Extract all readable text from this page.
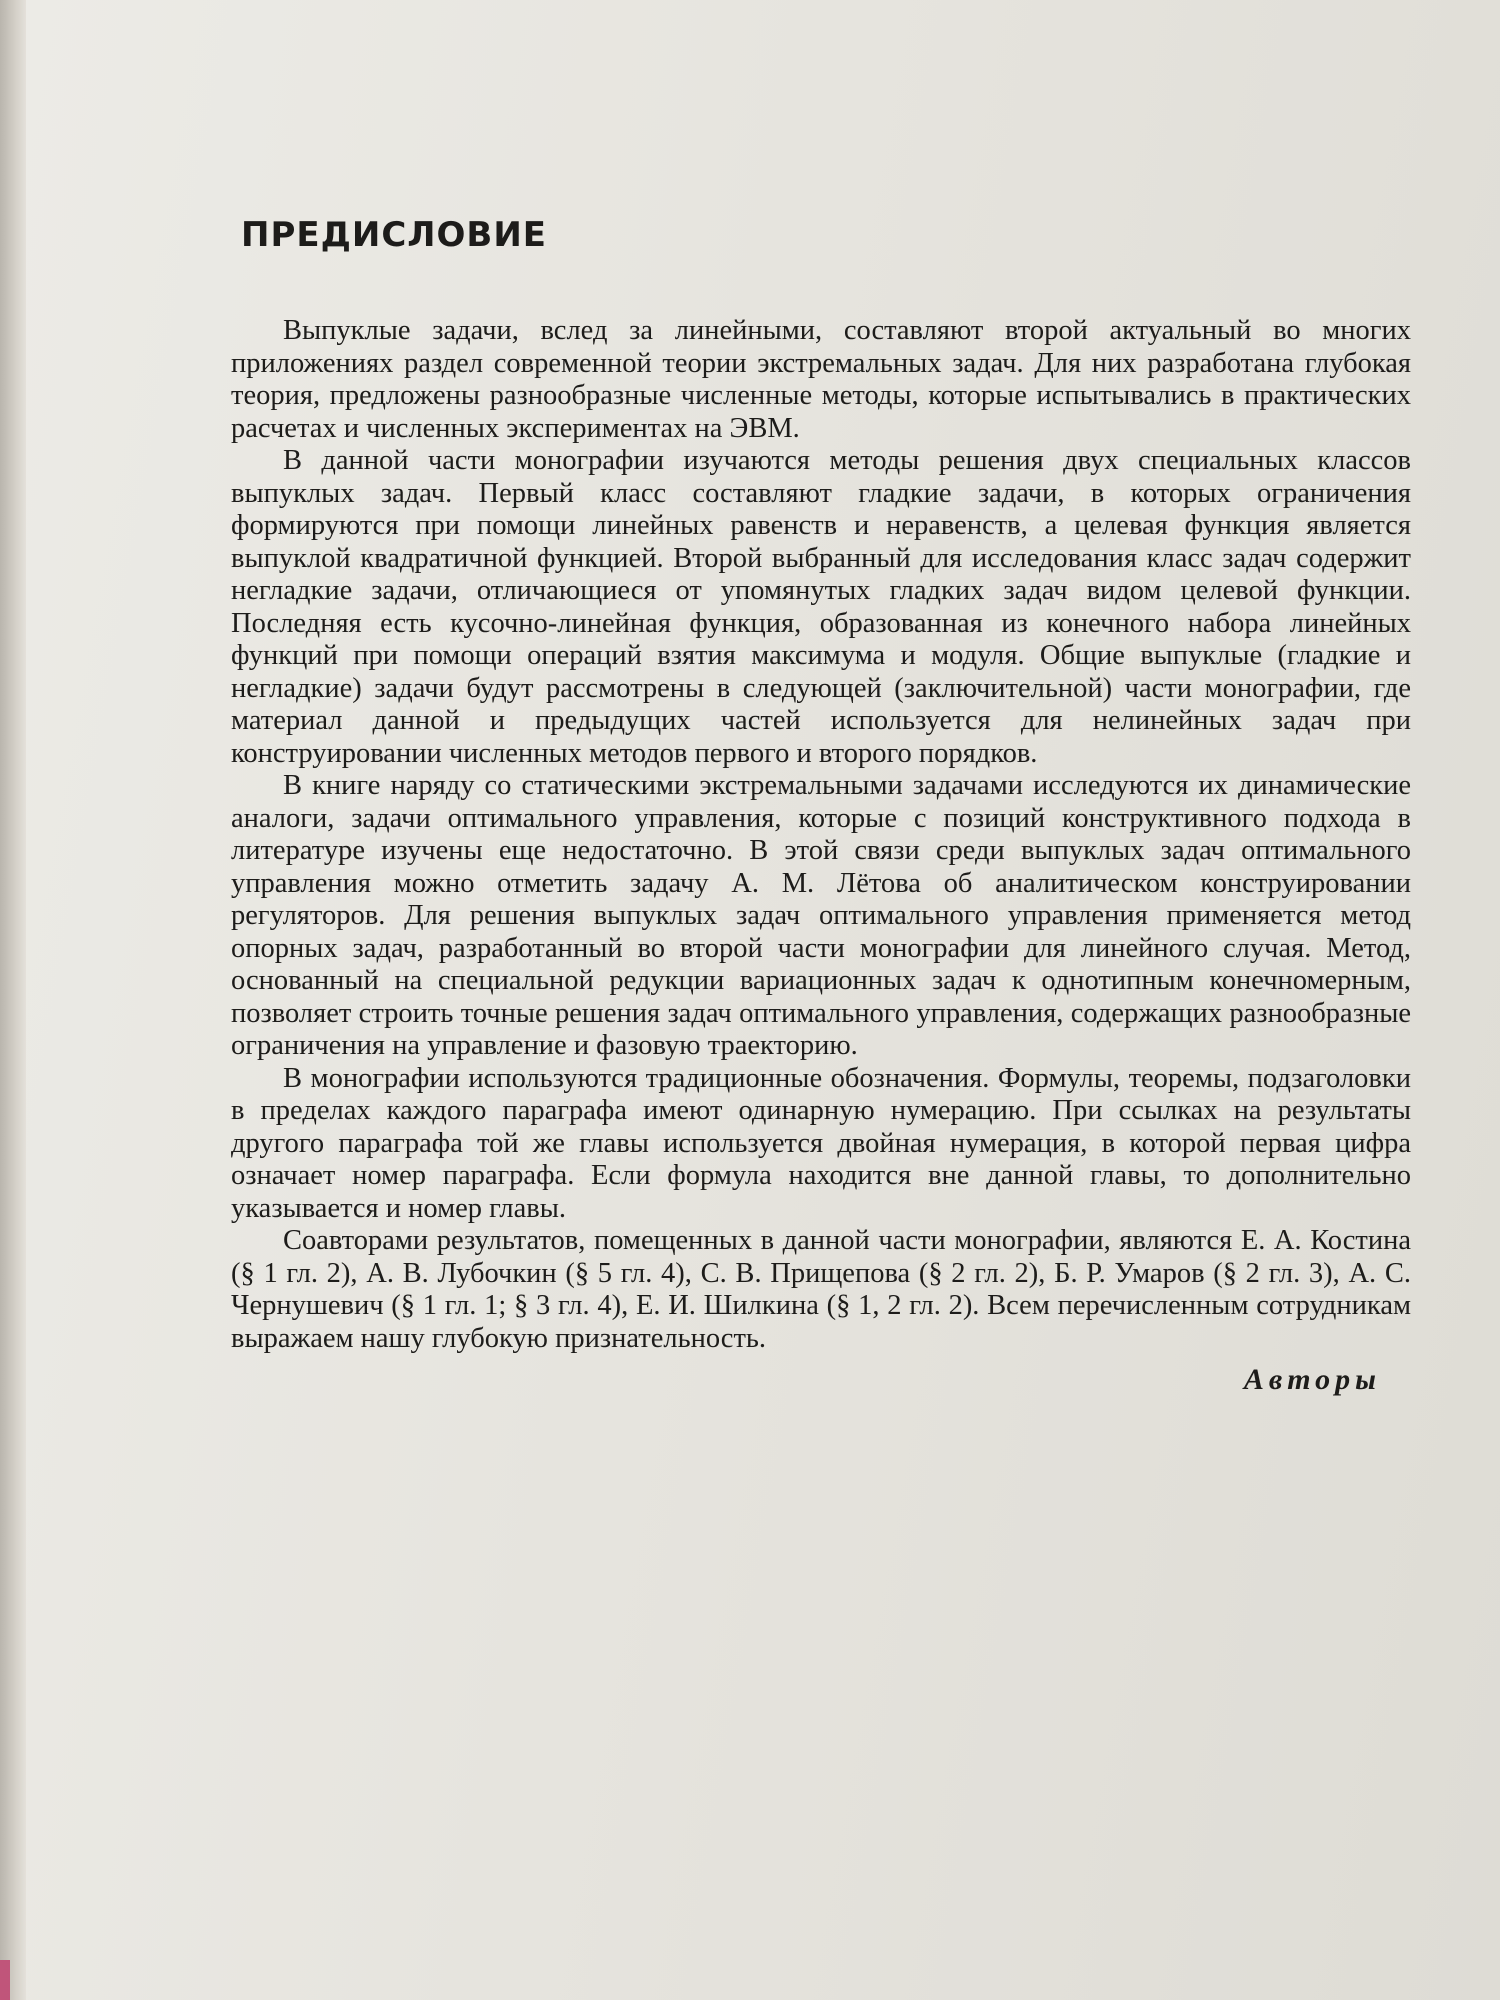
ПРЕДИСЛОВИЕ

Выпуклые задачи, вслед за линейными, составляют второй актуальный во многих приложениях раздел современной теории экстремальных задач. Для них разработана глубокая теория, предложены разнообразные численные методы, которые испытывались в практических расчетах и численных экспериментах на ЭВМ.

В данной части монографии изучаются методы решения двух специальных классов выпуклых задач. Первый класс составляют гладкие задачи, в которых ограничения формируются при помощи линейных равенств и неравенств, а целевая функция является выпуклой квадратичной функцией. Второй выбранный для исследования класс задач содержит негладкие задачи, отличающиеся от упомянутых гладких задач видом целевой функции. Последняя есть кусочно-линейная функция, образованная из конечного набора линейных функций при помощи операций взятия максимума и модуля. Общие выпуклые (гладкие и негладкие) задачи будут рассмотрены в следующей (заключительной) части монографии, где материал данной и предыдущих частей используется для нелинейных задач при конструировании численных методов первого и второго порядков.

В книге наряду со статическими экстремальными задачами исследуются их динамические аналоги, задачи оптимального управления, которые с позиций конструктивного подхода в литературе изучены еще недостаточно. В этой связи среди выпуклых задач оптимального управления можно отметить задачу А. М. Лётова об аналитическом конструировании регуляторов. Для решения выпуклых задач оптимального управления применяется метод опорных задач, разработанный во второй части монографии для линейного случая. Метод, основанный на специальной редукции вариационных задач к однотипным конечномерным, позволяет строить точные решения задач оптимального управления, содержащих разнообразные ограничения на управление и фазовую траекторию.

В монографии используются традиционные обозначения. Формулы, теоремы, подзаголовки в пределах каждого параграфа имеют одинарную нумерацию. При ссылках на результаты другого параграфа той же главы используется двойная нумерация, в которой первая цифра означает номер параграфа. Если формула находится вне данной главы, то дополнительно указывается и номер главы.

Соавторами результатов, помещенных в данной части монографии, являются Е. А. Костина (§ 1 гл. 2), А. В. Лубочкин (§ 5 гл. 4), С. В. Прищепова (§ 2 гл. 2), Б. Р. Умаров (§ 2 гл. 3), А. С. Чернушевич (§ 1 гл. 1; § 3 гл. 4), Е. И. Шилкина (§ 1, 2 гл. 2). Всем перечисленным сотрудникам выражаем нашу глубокую признательность.

Авторы
